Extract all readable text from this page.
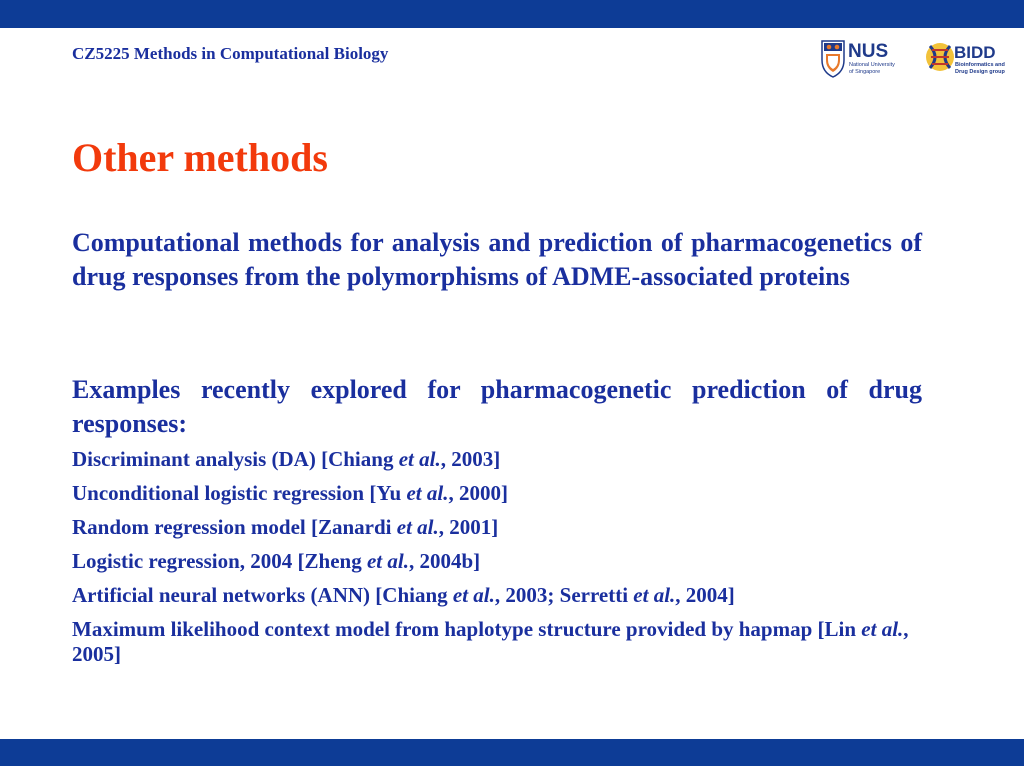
CZ5225 Methods in Computational Biology	NUS
National University
of Singapore
BIDD
Bioinformatics and
Drug Design group
Other methods
Computational methods for analysis and prediction of pharmacogenetics of drug responses from the polymorphisms of ADME-associated proteins
Examples recently explored for pharmacogenetic prediction of drug responses:
Discriminant analysis (DA) [Chiang et al., 2003]
Unconditional logistic regression [Yu et al., 2000]
Random regression model [Zanardi et al., 2001]
Logistic regression, 2004 [Zheng et al., 2004b]
Artificial neural networks (ANN) [Chiang et al., 2003; Serretti et al., 2004]
Maximum likelihood context model from haplotype structure provided by hapmap [Lin et al., 2005]
